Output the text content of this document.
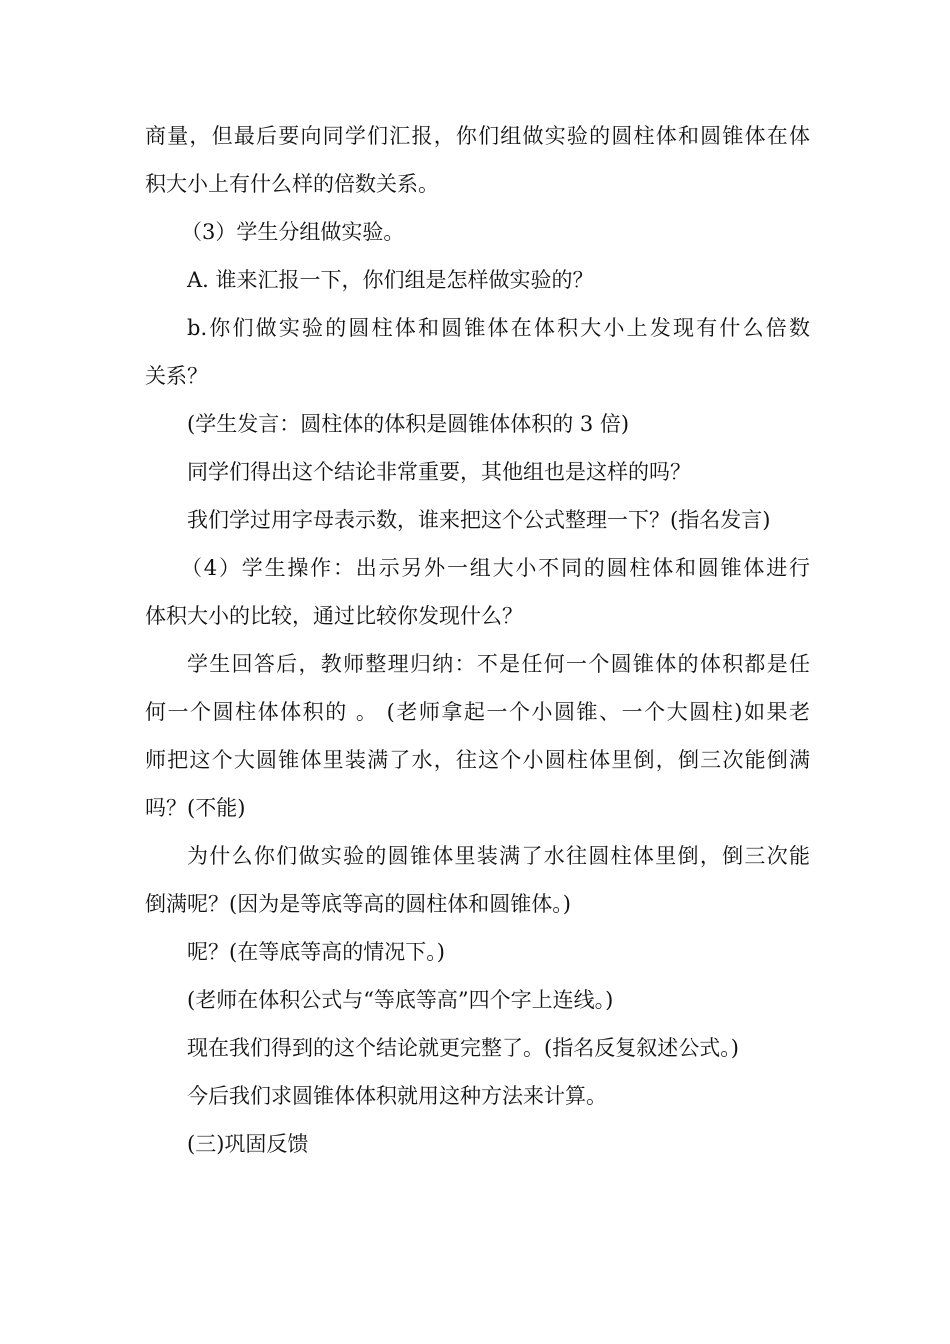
商量，但最后要向同学们汇报，你们组做实验的圆柱体和圆锥体在体
积大小上有什么样的倍数关系。
（3）学生分组做实验。
A. 谁来汇报一下，你们组是怎样做实验的？
b.你们做实验的圆柱体和圆锥体在体积大小上发现有什么倍数
关系？
(学生发言：圆柱体的体积是圆锥体体积的 3 倍)
同学们得出这个结论非常重要，其他组也是这样的吗？
我们学过用字母表示数，谁来把这个公式整理一下？(指名发言)
（4）学生操作：出示另外一组大小不同的圆柱体和圆锥体进行
体积大小的比较，通过比较你发现什么？
学生回答后，教师整理归纳：不是任何一个圆锥体的体积都是任
何一个圆柱体体积的 。 (老师拿起一个小圆锥、一个大圆柱)如果老
师把这个大圆锥体里装满了水，往这个小圆柱体里倒，倒三次能倒满
吗？(不能)
为什么你们做实验的圆锥体里装满了水往圆柱体里倒，倒三次能
倒满呢？(因为是等底等高的圆柱体和圆锥体。)
呢？(在等底等高的情况下。)
(老师在体积公式与“等底等高”四个字上连线。)
现在我们得到的这个结论就更完整了。(指名反复叙述公式。)
今后我们求圆锥体体积就用这种方法来计算。
(三)巩固反馈
